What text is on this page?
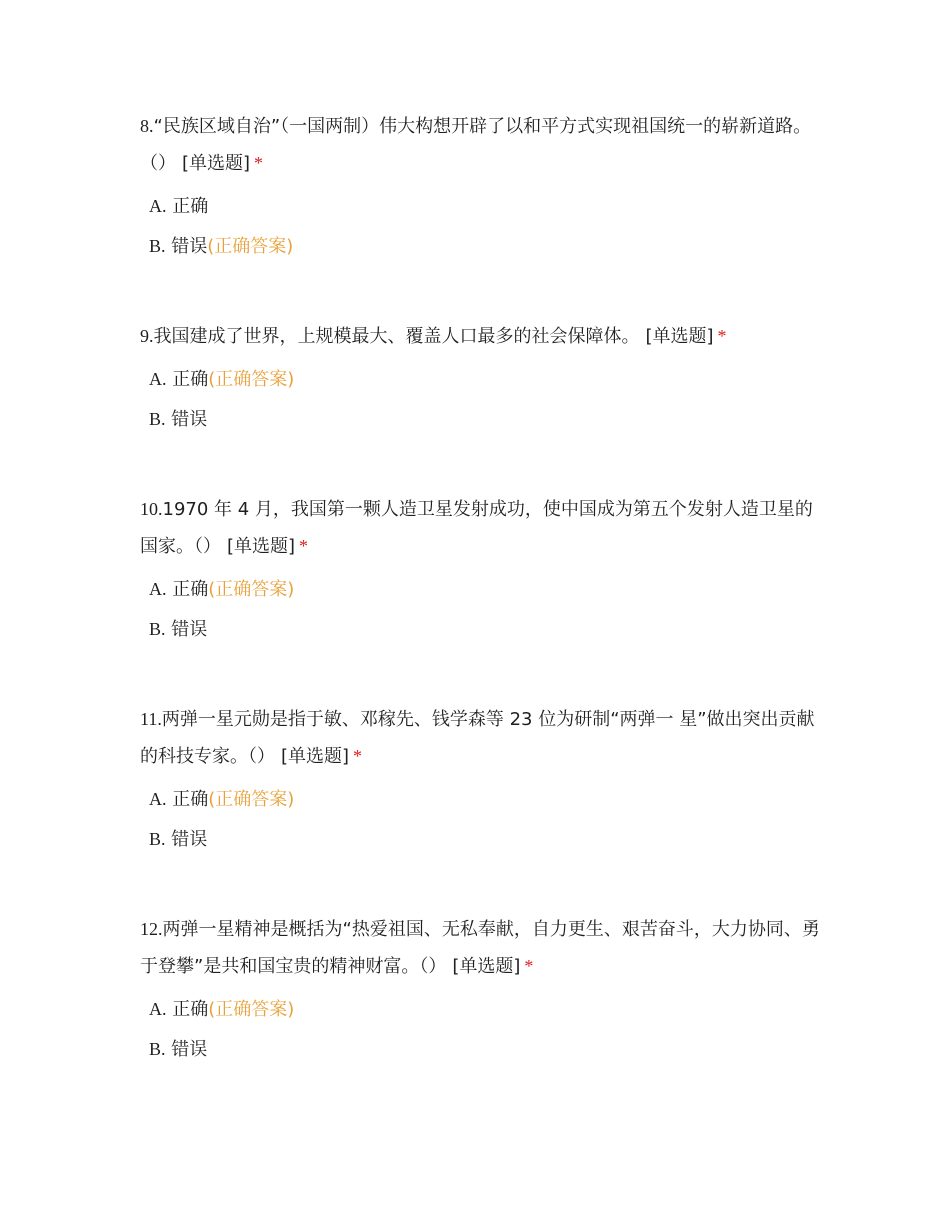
8.“民族区域自治”（一国两制）伟大构想开辟了以和平方式实现祖国统一的崭新道路。（） [单选题] *

A. 正确
B. 错误(正确答案)

9.我国建成了世界，上规模最大、覆盖人口最多的社会保障体。 [单选题] *

A. 正确(正确答案)
B. 错误

10.1970 年 4 月，我国第一颗人造卫星发射成功，使中国成为第五个发射人造卫星的国家。（） [单选题] *

A. 正确(正确答案)
B. 错误

11.两弹一星元勋是指于敏、邓稼先、钱学森等 23 位为研制“两弹一 星”做出突出贡献的科技专家。（） [单选题] *

A. 正确(正确答案)
B. 错误

12.两弹一星精神是概括为“热爱祖国、无私奉献，自力更生、艰苦奋斗，大力协同、勇于登攀”是共和国宝贵的精神财富。（） [单选题] *

A. 正确(正确答案)
B. 错误
